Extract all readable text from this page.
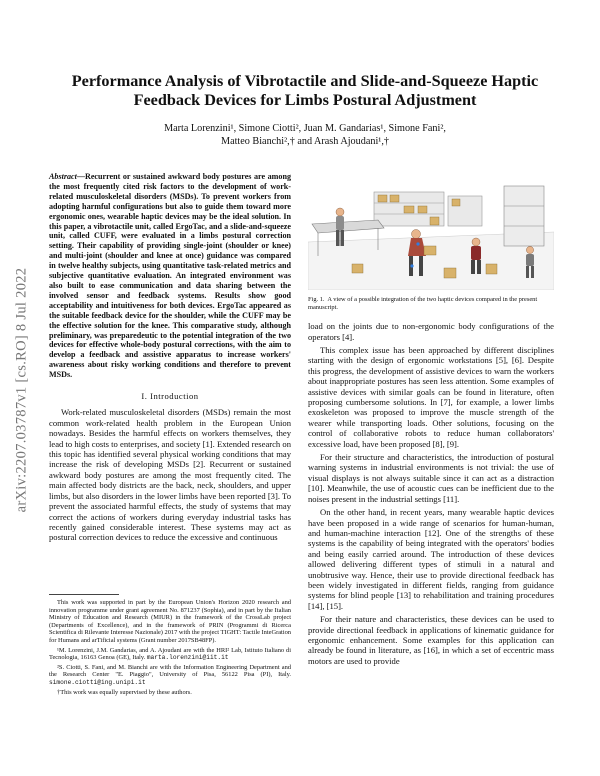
arXiv:2207.03787v1 [cs.RO] 8 Jul 2022
Performance Analysis of Vibrotactile and Slide-and-Squeeze Haptic Feedback Devices for Limbs Postural Adjustment
Marta Lorenzini¹, Simone Ciotti², Juan M. Gandarias¹, Simone Fani²,
Matteo Bianchi²,† and Arash Ajoudani¹,†

Abstract—Recurrent or sustained awkward body postures are among the most frequently cited risk factors to the development of work-related musculoskeletal disorders (MSDs). To prevent workers from adopting harmful configurations but also to guide them toward more ergonomic ones, wearable haptic devices may be the ideal solution. In this paper, a vibrotactile unit, called ErgoTac, and a slide-and-squeeze unit, called CUFF, were evaluated in a limbs postural correction setting. Their capability of providing single-joint (shoulder or knee) and multi-joint (shoulder and knee at once) guidance was compared in twelve healthy subjects, using quantitative task-related metrics and subjective quantitative evaluation. An integrated environment was also built to ease communication and data sharing between the involved sensor and feedback systems. Results show good acceptability and intuitiveness for both devices. ErgoTac appeared as the suitable feedback device for the shoulder, while the CUFF may be the effective solution for the knee. This comparative study, although preliminary, was preparedeutic to the potential integration of the two devices for effective whole-body postural corrections, with the aim to develop a feedback and assistive apparatus to increase workers' awareness about risky working conditions and therefore to prevent MSDs.

I. Introduction

Work-related musculoskeletal disorders (MSDs) remain the most common work-related health problem in the European Union nowadays. Besides the harmful effects on workers themselves, they lead to high costs to enterprises, and society [1]. Extended research on this topic has identified several physical working conditions that may increase the risk of developing MSDs [2]. Recurrent or sustained awkward body postures are among the most frequently cited. The main affected body districts are the back, neck, shoulders, and upper limbs, but also disorders in the lower limbs have been reported [3]. To prevent the associated harmful effects, the study of systems that may correct the actions of workers during everyday industrial tasks has recently gained considerable interest. These systems may act as postural correction devices to reduce the excessive and continuous

This work was supported in part by the European Union's Horizon 2020 research and innovation programme under grant agreement No. 871237 (Sophia), and in part by the Italian Ministry of Education and Research (MIUR) in the framework of the CrossLab project (Departments of Excellence), and in the framework of PRIN (Programmi di Ricerca Scientifica di Rilevante Interesse Nazionale) 2017 with the project TIGHT: Tactile InteGration for Humans and arTificial systems (Grant number 2017SB48FP).

¹M. Lorenzini, J.M. Gandarias, and A. Ajoudani are with the HRI² Lab, Istituto Italiano di Tecnologia, 16163 Genoa (GE), Italy. marta.lorenzini@iit.it

²S. Ciotti, S. Fani, and M. Bianchi are with the Information Engineering Department and the Research Center "E. Piaggio", University of Pisa, 56122 Pisa (PI), Italy. simone.ciotti@ing.unipi.it

†This work was equally supervised by these authors.

Fig. 1. A view of a possible integration of the two haptic devices compared in the present manuscript.

load on the joints due to non-ergonomic body configurations of the operators [4].

This complex issue has been approached by different disciplines starting with the design of ergonomic workstations [5], [6]. Despite this progress, the development of assistive devices to warn the workers about inappropriate postures has seen less attention. Some examples of assistive devices with similar goals can be found in literature, often proposing cumbersome solutions. In [7], for example, a lower limbs exoskeleton was proposed to improve the muscle strength of the wearer while transporting loads. Other solutions, focusing on the control of collaborative robots to reduce human collaborators' excessive load, have been proposed [8], [9].

For their structure and characteristics, the introduction of postural warning systems in industrial environments is not trivial: the use of visual displays is not always suitable since it can act as a distraction [10]. Meanwhile, the use of acoustic cues can be inefficient due to the noises present in the industrial settings [11].

On the other hand, in recent years, many wearable haptic devices have been proposed in a wide range of scenarios for human-human, and human-machine interaction [12]. One of the strengths of these systems is the capability of being integrated with the operators' bodies and being easily carried around. The introduction of these devices allowed delivering different types of stimuli in a natural and unobtrusive way. Hence, their use to provide directional feedback has been widely investigated in different fields, ranging from guidance systems for blind people [13] to rehabilitation and training procedures [14], [15].

For their nature and characteristics, these devices can be used to provide directional feedback in applications of kinematic guidance for ergonomic enhancement. Some examples for this application can already be found in literature, as [16], in which a set of eccentric mass motors are used to provide
